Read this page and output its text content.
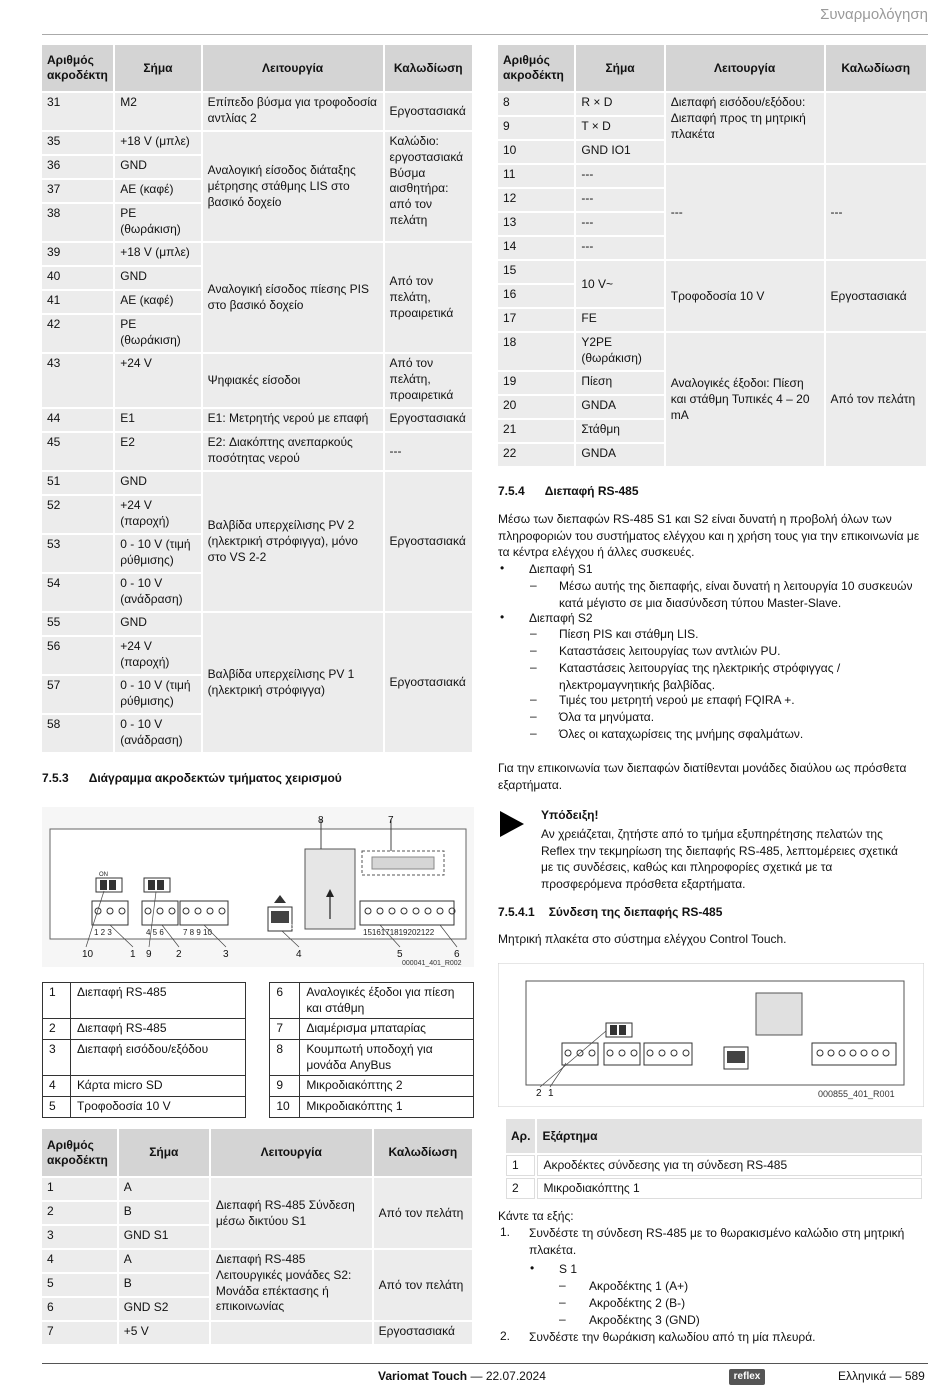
Συναρμολόγηση
Αριθμός ακροδέκτη	Σήμα	Λειτουργία	Καλωδίωση
31	M2	Επίπεδο βύσμα για τροφοδοσία αντλίας 2	Εργοστασιακά
35	+18 V (μπλε)	Αναλογική είσοδος διάταξης μέτρησης στάθμης LIS στο βασικό δοχείο	Καλώδιο: εργοστασιακά Βύσμα αισθητήρα: από τον πελάτη
36	GND		
37	AE (καφέ)		
38	PE (θωράκιση)		
39	+18 V (μπλε)	Αναλογική είσοδος πίεσης PIS στο βασικό δοχείο	Από τον πελάτη, προαιρετικά
40	GND		
41	AE (καφέ)		
42	PE (θωράκιση)		
43	+24 V	Ψηφιακές είσοδοι	Από τον πελάτη, προαιρετικά
44	E1	E1: Μετρητής νερού με επαφή	Εργοστασιακά
45	E2	E2: Διακόπτης ανεπαρκούς ποσότητας νερού	---
51	GND	Βαλβίδα υπερχείλισης PV 2 (ηλεκτρική στρόφιγγα), μόνο στο VS 2-2	Εργοστασιακά
52	+24 V (παροχή)		
53	0 - 10 V (τιμή ρύθμισης)		
54	0 - 10 V (ανάδραση)		
55	GND	Βαλβίδα υπερχείλισης PV 1 (ηλεκτρική στρόφιγγα)	Εργοστασιακά
56	+24 V (παροχή)		
57	0 - 10 V (τιμή ρύθμισης)		
58	0 - 10 V (ανάδραση)		
7.5.3 Διάγραμμα ακροδεκτών τμήματος χειρισμού
1 2 3	4 5 6 7 8 9 10	1516171819202122
micro SD
ON
8	7
10	1 9 2	3	4	5	6
000041_401_R002
1	Διεπαφή RS-485		6	Αναλογικές έξοδοι για πίεση και στάθμη
2	Διεπαφή RS-485		7	Διαμέρισμα μπαταρίας
3	Διεπαφή εισόδου/εξόδου		8	Κουμπωτή υποδοχή για μονάδα AnyBus
4	Κάρτα micro SD		9	Μικροδιακόπτης 2
5	Τροφοδοσία 10 V		10	Μικροδιακόπτης 1
Αριθμός ακροδέκτη	Σήμα	Λειτουργία	Καλωδίωση
1	A	Διεπαφή RS-485 Σύνδεση μέσω δικτύου S1	Από τον πελάτη
2	B		
3	GND S1		
4	A	Διεπαφή RS-485 Λειτουργικές μονάδες S2: Μονάδα επέκτασης ή επικοινωνίας	Από τον πελάτη
5	B		
6	GND S2		
7	+5 V		Εργοστασιακά
Αριθμός ακροδέκτη	Σήμα	Λειτουργία	Καλωδίωση
8	R × D	Διεπαφή εισόδου/εξόδου: Διεπαφή προς τη μητρική πλακέτα	
9	T × D		
10	GND IO1		
11	---	---	---
12	---		
13	---		
14	---		
15	10 V~	Τροφοδοσία 10 V	Εργοστασιακά
16			
17	FE		
18	Y2PE (θωράκιση)	Αναλογικές έξοδοι: Πίεση και στάθμη Τυπικές 4 – 20 mA	Από τον πελάτη
19	Πίεση		
20	GNDA		
21	Στάθμη		
22	GNDA		
7.5.4 Διεπαφή RS-485
Μέσω των διεπαφών RS-485 S1 και S2 είναι δυνατή η προβολή όλων των πληροφοριών του συστήματος ελέγχου και η χρήση τους για την επικοινωνία με τα κέντρα ελέγχου ή άλλες συσκευές.
• Διεπαφή S1
– Μέσω αυτής της διεπαφής, είναι δυνατή η λειτουργία 10 συσκευών κατά μέγιστο σε μια διασύνδεση τύπου Master-Slave.
• Διεπαφή S2
– Πίεση PIS και στάθμη LIS.
– Καταστάσεις λειτουργίας των αντλιών PU.
– Καταστάσεις λειτουργίας της ηλεκτρικής στρόφιγγας / ηλεκτρομαγνητικής βαλβίδας.
– Τιμές του μετρητή νερού με επαφή FQIRA +.
– Όλα τα μηνύματα.
– Όλες οι καταχωρίσεις της μνήμης σφαλμάτων.
Για την επικοινωνία των διεπαφών διατίθενται μονάδες διαύλου ως πρόσθετα εξαρτήματα.
Υπόδειξη!
Αν χρειάζεται, ζητήστε από το τμήμα εξυπηρέτησης πελατών της Reflex την τεκμηρίωση της διεπαφής RS-485, λεπτομέρειες σχετικά με τις συνδέσεις, καθώς και πληροφορίες σχετικά με τα προσφερόμενα πρόσθετα εξαρτήματα.
7.5.4.1 Σύνδεση της διεπαφής RS-485
Μητρική πλακέτα στο σύστημα ελέγχου Control Touch.
2 1	000855_401_R001
Αρ.	Εξάρτημα
1	Ακροδέκτες σύνδεσης για τη σύνδεση RS-485
2	Μικροδιακόπτης 1
Κάντε τα εξής:
1. Συνδέστε τη σύνδεση RS-485 με το θωρακισμένο καλώδιο στη μητρική πλακέτα.
• S 1
– Ακροδέκτης 1 (A+)
– Ακροδέκτης 2 (B-)
– Ακροδέκτης 3 (GND)
2. Συνδέστε την θωράκιση καλωδίου από τη μία πλευρά.
Variomat Touch — 22.07.2024	reflex	Ελληνικά — 589
